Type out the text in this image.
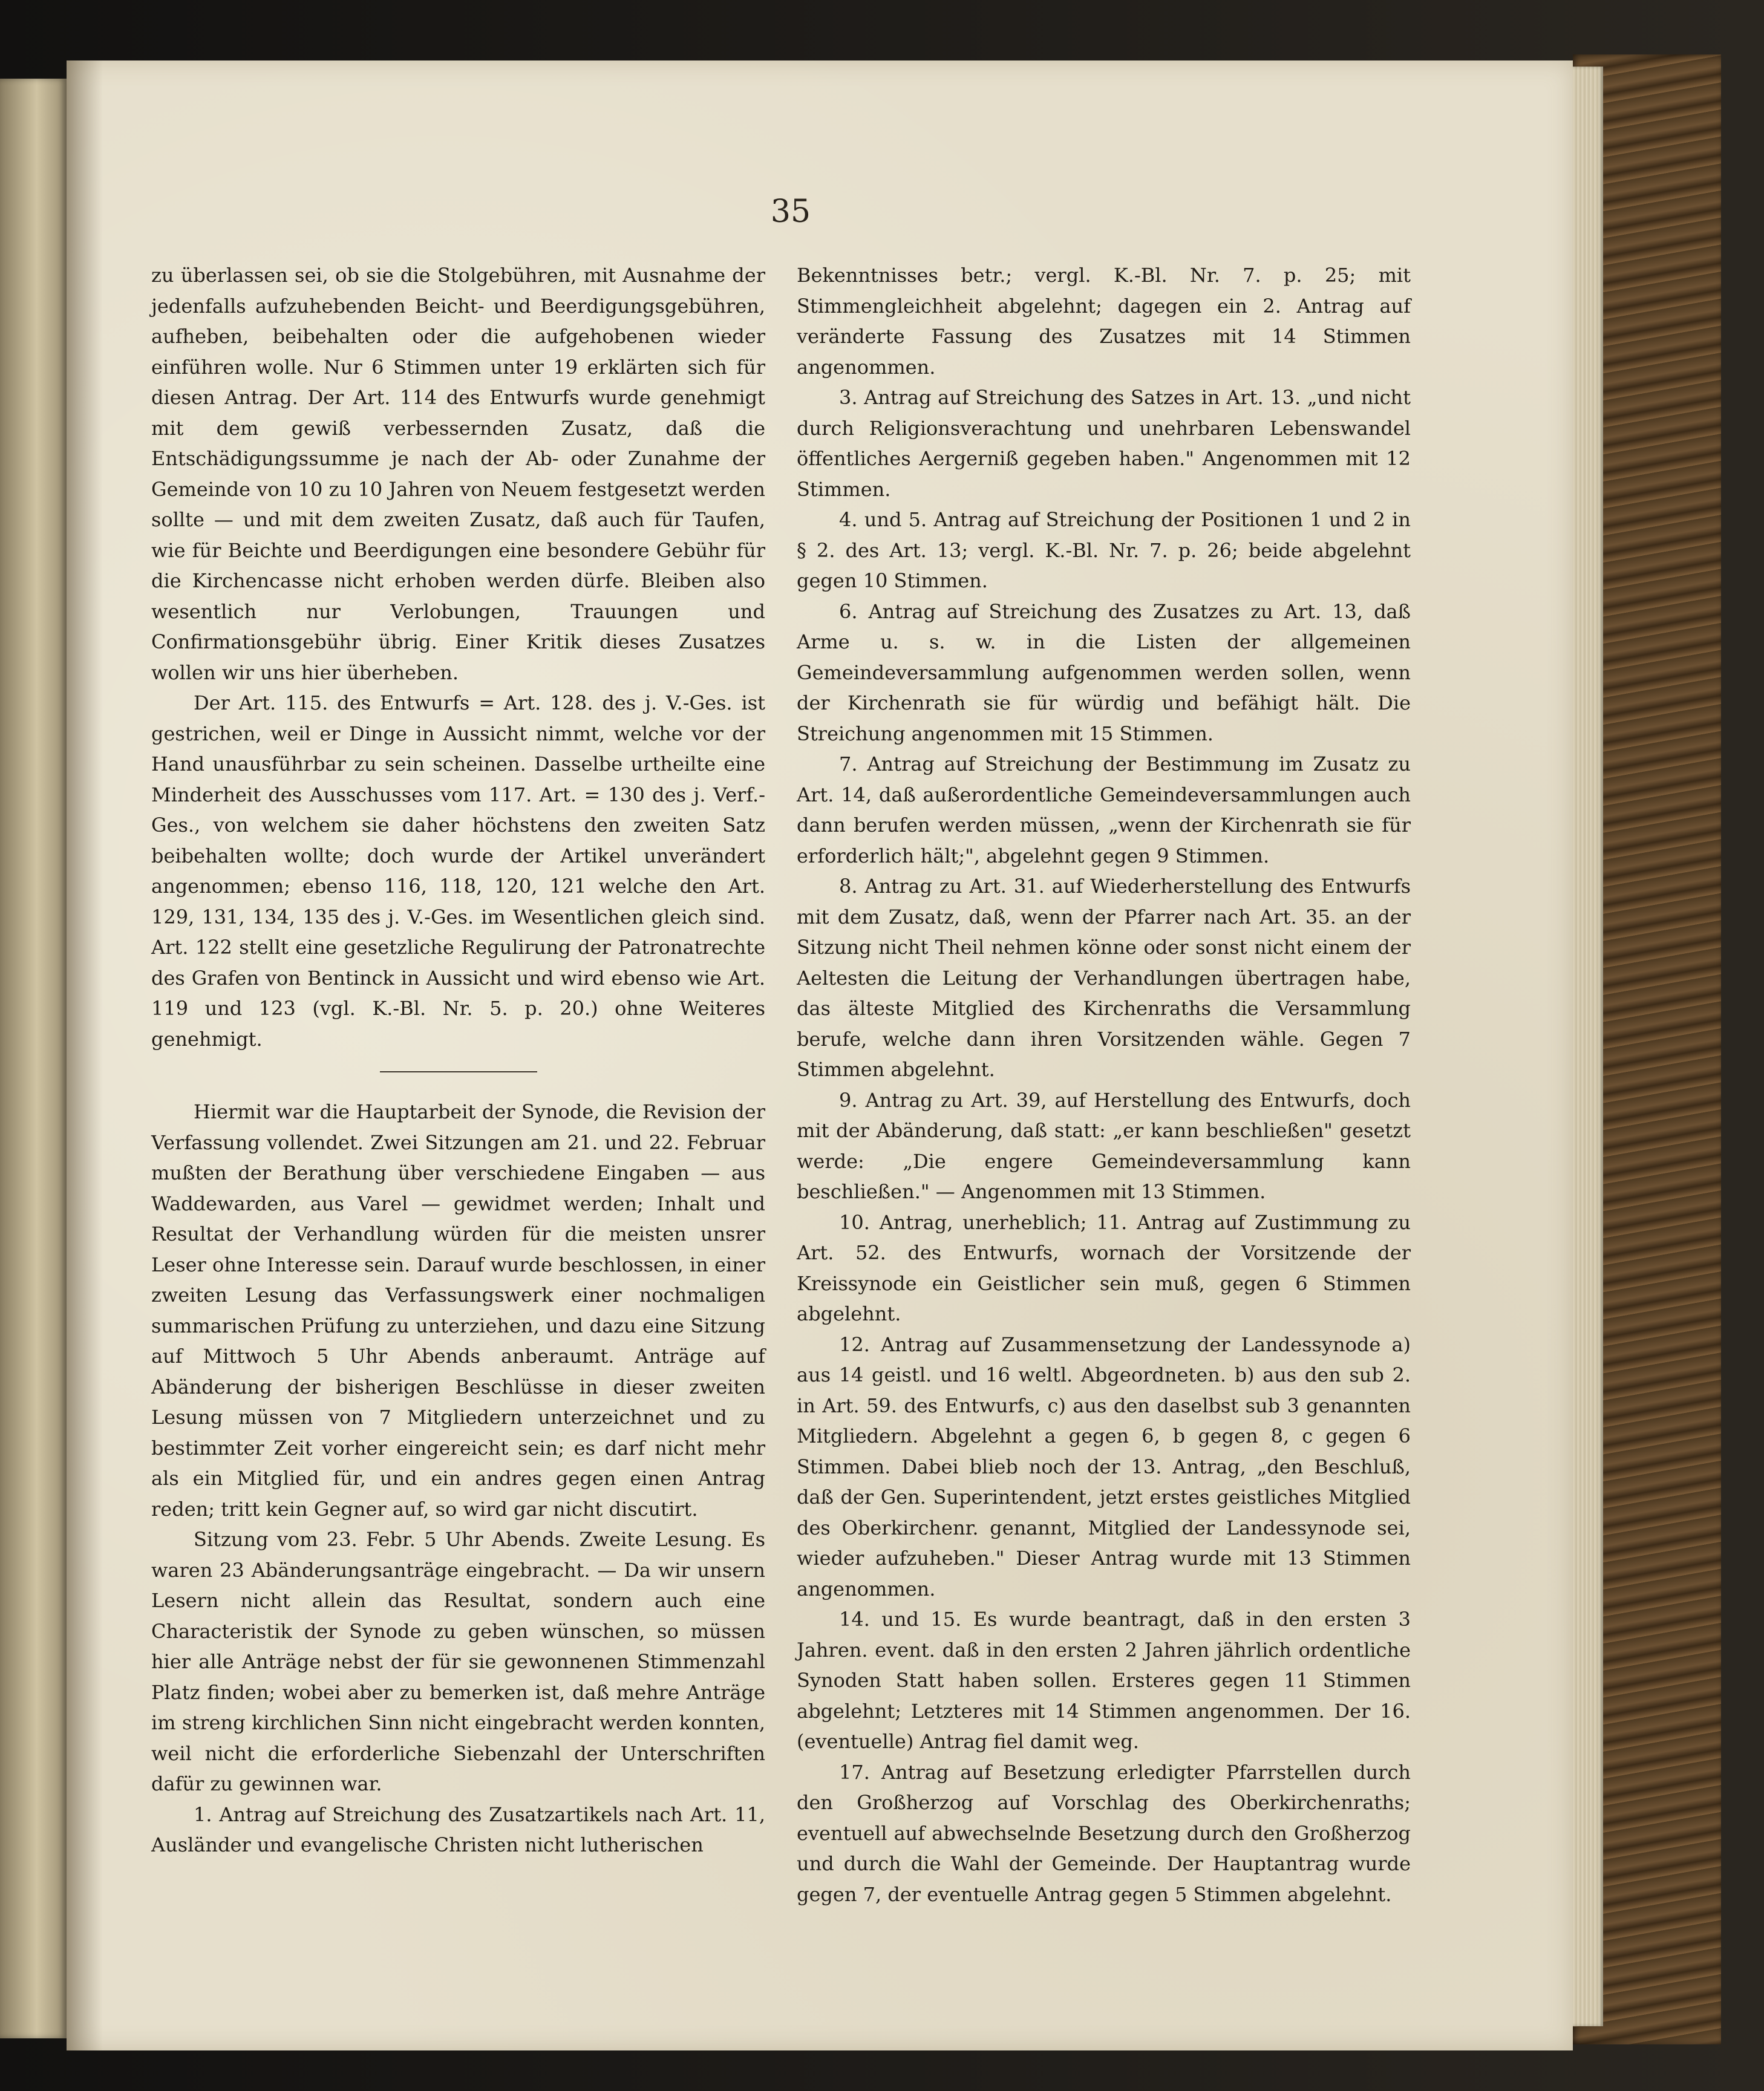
35

zu überlassen sei, ob sie die Stolgebühren, mit Ausnahme der jedenfalls aufzuhebenden Beicht- und Beerdigungsgebühren, aufheben, beibehalten oder die aufgehobenen wieder einführen wolle. Nur 6 Stimmen unter 19 erklärten sich für diesen Antrag. Der Art. 114 des Entwurfs wurde genehmigt mit dem gewiß verbessernden Zusatz, daß die Entschädigungssumme je nach der Ab- oder Zunahme der Gemeinde von 10 zu 10 Jahren von Neuem festgesetzt werden sollte — und mit dem zweiten Zusatz, daß auch für Taufen, wie für Beichte und Beerdigungen eine besondere Gebühr für die Kirchencasse nicht erhoben werden dürfe. Bleiben also wesentlich nur Verlobungen, Trauungen und Confirmationsgebühr übrig. Einer Kritik dieses Zusatzes wollen wir uns hier überheben.

Der Art. 115. des Entwurfs = Art. 128. des j. V.-Ges. ist gestrichen, weil er Dinge in Aussicht nimmt, welche vor der Hand unausführbar zu sein scheinen. Dasselbe urtheilte eine Minderheit des Ausschusses vom 117. Art. = 130 des j. Verf.-Ges., von welchem sie daher höchstens den zweiten Satz beibehalten wollte; doch wurde der Artikel unverändert angenommen; ebenso 116, 118, 120, 121 welche den Art. 129, 131, 134, 135 des j. V.-Ges. im Wesentlichen gleich sind. Art. 122 stellt eine gesetzliche Regulirung der Patronatrechte des Grafen von Bentinck in Aussicht und wird ebenso wie Art. 119 und 123 (vgl. K.-Bl. Nr. 5. p. 20.) ohne Weiteres genehmigt.

Hiermit war die Hauptarbeit der Synode, die Revision der Verfassung vollendet. Zwei Sitzungen am 21. und 22. Februar mußten der Berathung über verschiedene Eingaben — aus Waddewarden, aus Varel — gewidmet werden; Inhalt und Resultat der Verhandlung würden für die meisten unsrer Leser ohne Interesse sein. Darauf wurde beschlossen, in einer zweiten Lesung das Verfassungswerk einer nochmaligen summarischen Prüfung zu unterziehen, und dazu eine Sitzung auf Mittwoch 5 Uhr Abends anberaumt. Anträge auf Abänderung der bisherigen Beschlüsse in dieser zweiten Lesung müssen von 7 Mitgliedern unterzeichnet und zu bestimmter Zeit vorher eingereicht sein; es darf nicht mehr als ein Mitglied für, und ein andres gegen einen Antrag reden; tritt kein Gegner auf, so wird gar nicht discutirt.

Sitzung vom 23. Febr. 5 Uhr Abends. Zweite Lesung. Es waren 23 Abänderungsanträge eingebracht. — Da wir unsern Lesern nicht allein das Resultat, sondern auch eine Characteristik der Synode zu geben wünschen, so müssen hier alle Anträge nebst der für sie gewonnenen Stimmenzahl Platz finden; wobei aber zu bemerken ist, daß mehre Anträge im streng kirchlichen Sinn nicht eingebracht werden konnten, weil nicht die erforderliche Siebenzahl der Unterschriften dafür zu gewinnen war.

1. Antrag auf Streichung des Zusatzartikels nach Art. 11, Ausländer und evangelische Christen nicht lutherischen

Bekenntnisses betr.; vergl. K.-Bl. Nr. 7. p. 25; mit Stimmengleichheit abgelehnt; dagegen ein 2. Antrag auf veränderte Fassung des Zusatzes mit 14 Stimmen angenommen.

3. Antrag auf Streichung des Satzes in Art. 13. „und nicht durch Religionsverachtung und unehrbaren Lebenswandel öffentliches Aergerniß gegeben haben." Angenommen mit 12 Stimmen.

4. und 5. Antrag auf Streichung der Positionen 1 und 2 in § 2. des Art. 13; vergl. K.-Bl. Nr. 7. p. 26; beide abgelehnt gegen 10 Stimmen.

6. Antrag auf Streichung des Zusatzes zu Art. 13, daß Arme u. s. w. in die Listen der allgemeinen Gemeindeversammlung aufgenommen werden sollen, wenn der Kirchenrath sie für würdig und befähigt hält. Die Streichung angenommen mit 15 Stimmen.

7. Antrag auf Streichung der Bestimmung im Zusatz zu Art. 14, daß außerordentliche Gemeindeversammlungen auch dann berufen werden müssen, „wenn der Kirchenrath sie für erforderlich hält;", abgelehnt gegen 9 Stimmen.

8. Antrag zu Art. 31. auf Wiederherstellung des Entwurfs mit dem Zusatz, daß, wenn der Pfarrer nach Art. 35. an der Sitzung nicht Theil nehmen könne oder sonst nicht einem der Aeltesten die Leitung der Verhandlungen übertragen habe, das älteste Mitglied des Kirchenraths die Versammlung berufe, welche dann ihren Vorsitzenden wähle. Gegen 7 Stimmen abgelehnt.

9. Antrag zu Art. 39, auf Herstellung des Entwurfs, doch mit der Abänderung, daß statt: „er kann beschließen" gesetzt werde: „Die engere Gemeindeversammlung kann beschließen." — Angenommen mit 13 Stimmen.

10. Antrag, unerheblich; 11. Antrag auf Zustimmung zu Art. 52. des Entwurfs, wornach der Vorsitzende der Kreissynode ein Geistlicher sein muß, gegen 6 Stimmen abgelehnt.

12. Antrag auf Zusammensetzung der Landessynode a) aus 14 geistl. und 16 weltl. Abgeordneten. b) aus den sub 2. in Art. 59. des Entwurfs, c) aus den daselbst sub 3 genannten Mitgliedern. Abgelehnt a gegen 6, b gegen 8, c gegen 6 Stimmen. Dabei blieb noch der 13. Antrag, „den Beschluß, daß der Gen. Superintendent, jetzt erstes geistliches Mitglied des Oberkirchenr. genannt, Mitglied der Landessynode sei, wieder aufzuheben." Dieser Antrag wurde mit 13 Stimmen angenommen.

14. und 15. Es wurde beantragt, daß in den ersten 3 Jahren. event. daß in den ersten 2 Jahren jährlich ordentliche Synoden Statt haben sollen. Ersteres gegen 11 Stimmen abgelehnt; Letzteres mit 14 Stimmen angenommen. Der 16. (eventuelle) Antrag fiel damit weg.

17. Antrag auf Besetzung erledigter Pfarrstellen durch den Großherzog auf Vorschlag des Oberkirchenraths; eventuell auf abwechselnde Besetzung durch den Großherzog und durch die Wahl der Gemeinde. Der Hauptantrag wurde gegen 7, der eventuelle Antrag gegen 5 Stimmen abgelehnt.
